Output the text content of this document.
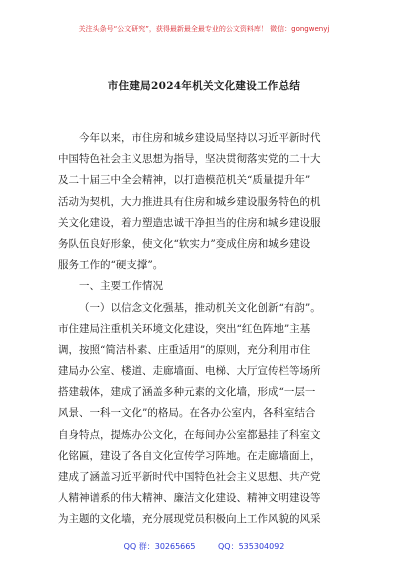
关注头条号“公文研究”，获得最新最全最专业的公文资料库！ 微信：gongwenyj
市住建局2024年机关文化建设工作总结
今年以来，市住房和城乡建设局坚持以习近平新时代
中国特色社会主义思想为指导，坚决贯彻落实党的二十大
及二十届三中全会精神，以打造模范机关“质量提升年”
活动为契机，大力推进具有住房和城乡建设服务特色的机
关文化建设，着力塑造忠诚干净担当的住房和城乡建设服
务队伍良好形象，使文化“软实力”变成住房和城乡建设
服务工作的“硬支撑”。
一、主要工作情况
（一）以信念文化强基，推动机关文化创新“有韵”。
市住建局注重机关环境文化建设，突出“红色阵地”主基
调，按照“简洁朴素、庄重适用”的原则，充分利用市住
建局办公室、楼道、走廊墙面、电梯、大厅宣传栏等场所
搭建载体，建成了涵盖多种元素的文化墙，形成“一层一
风景、一科一文化”的格局。在各办公室内，各科室结合
自身特点，提炼办公文化，在每间办公室都悬挂了科室文
化铭匾，建设了各自文化宣传学习阵地。在走廊墙面上，
建成了涵盖习近平新时代中国特色社会主义思想、共产党
人精神谱系的伟大精神、廉洁文化建设、精神文明建设等
为主题的文化墙，充分展现党员积极向上工作风貌的风采
QQ 群：30265665	QQ：535304092
